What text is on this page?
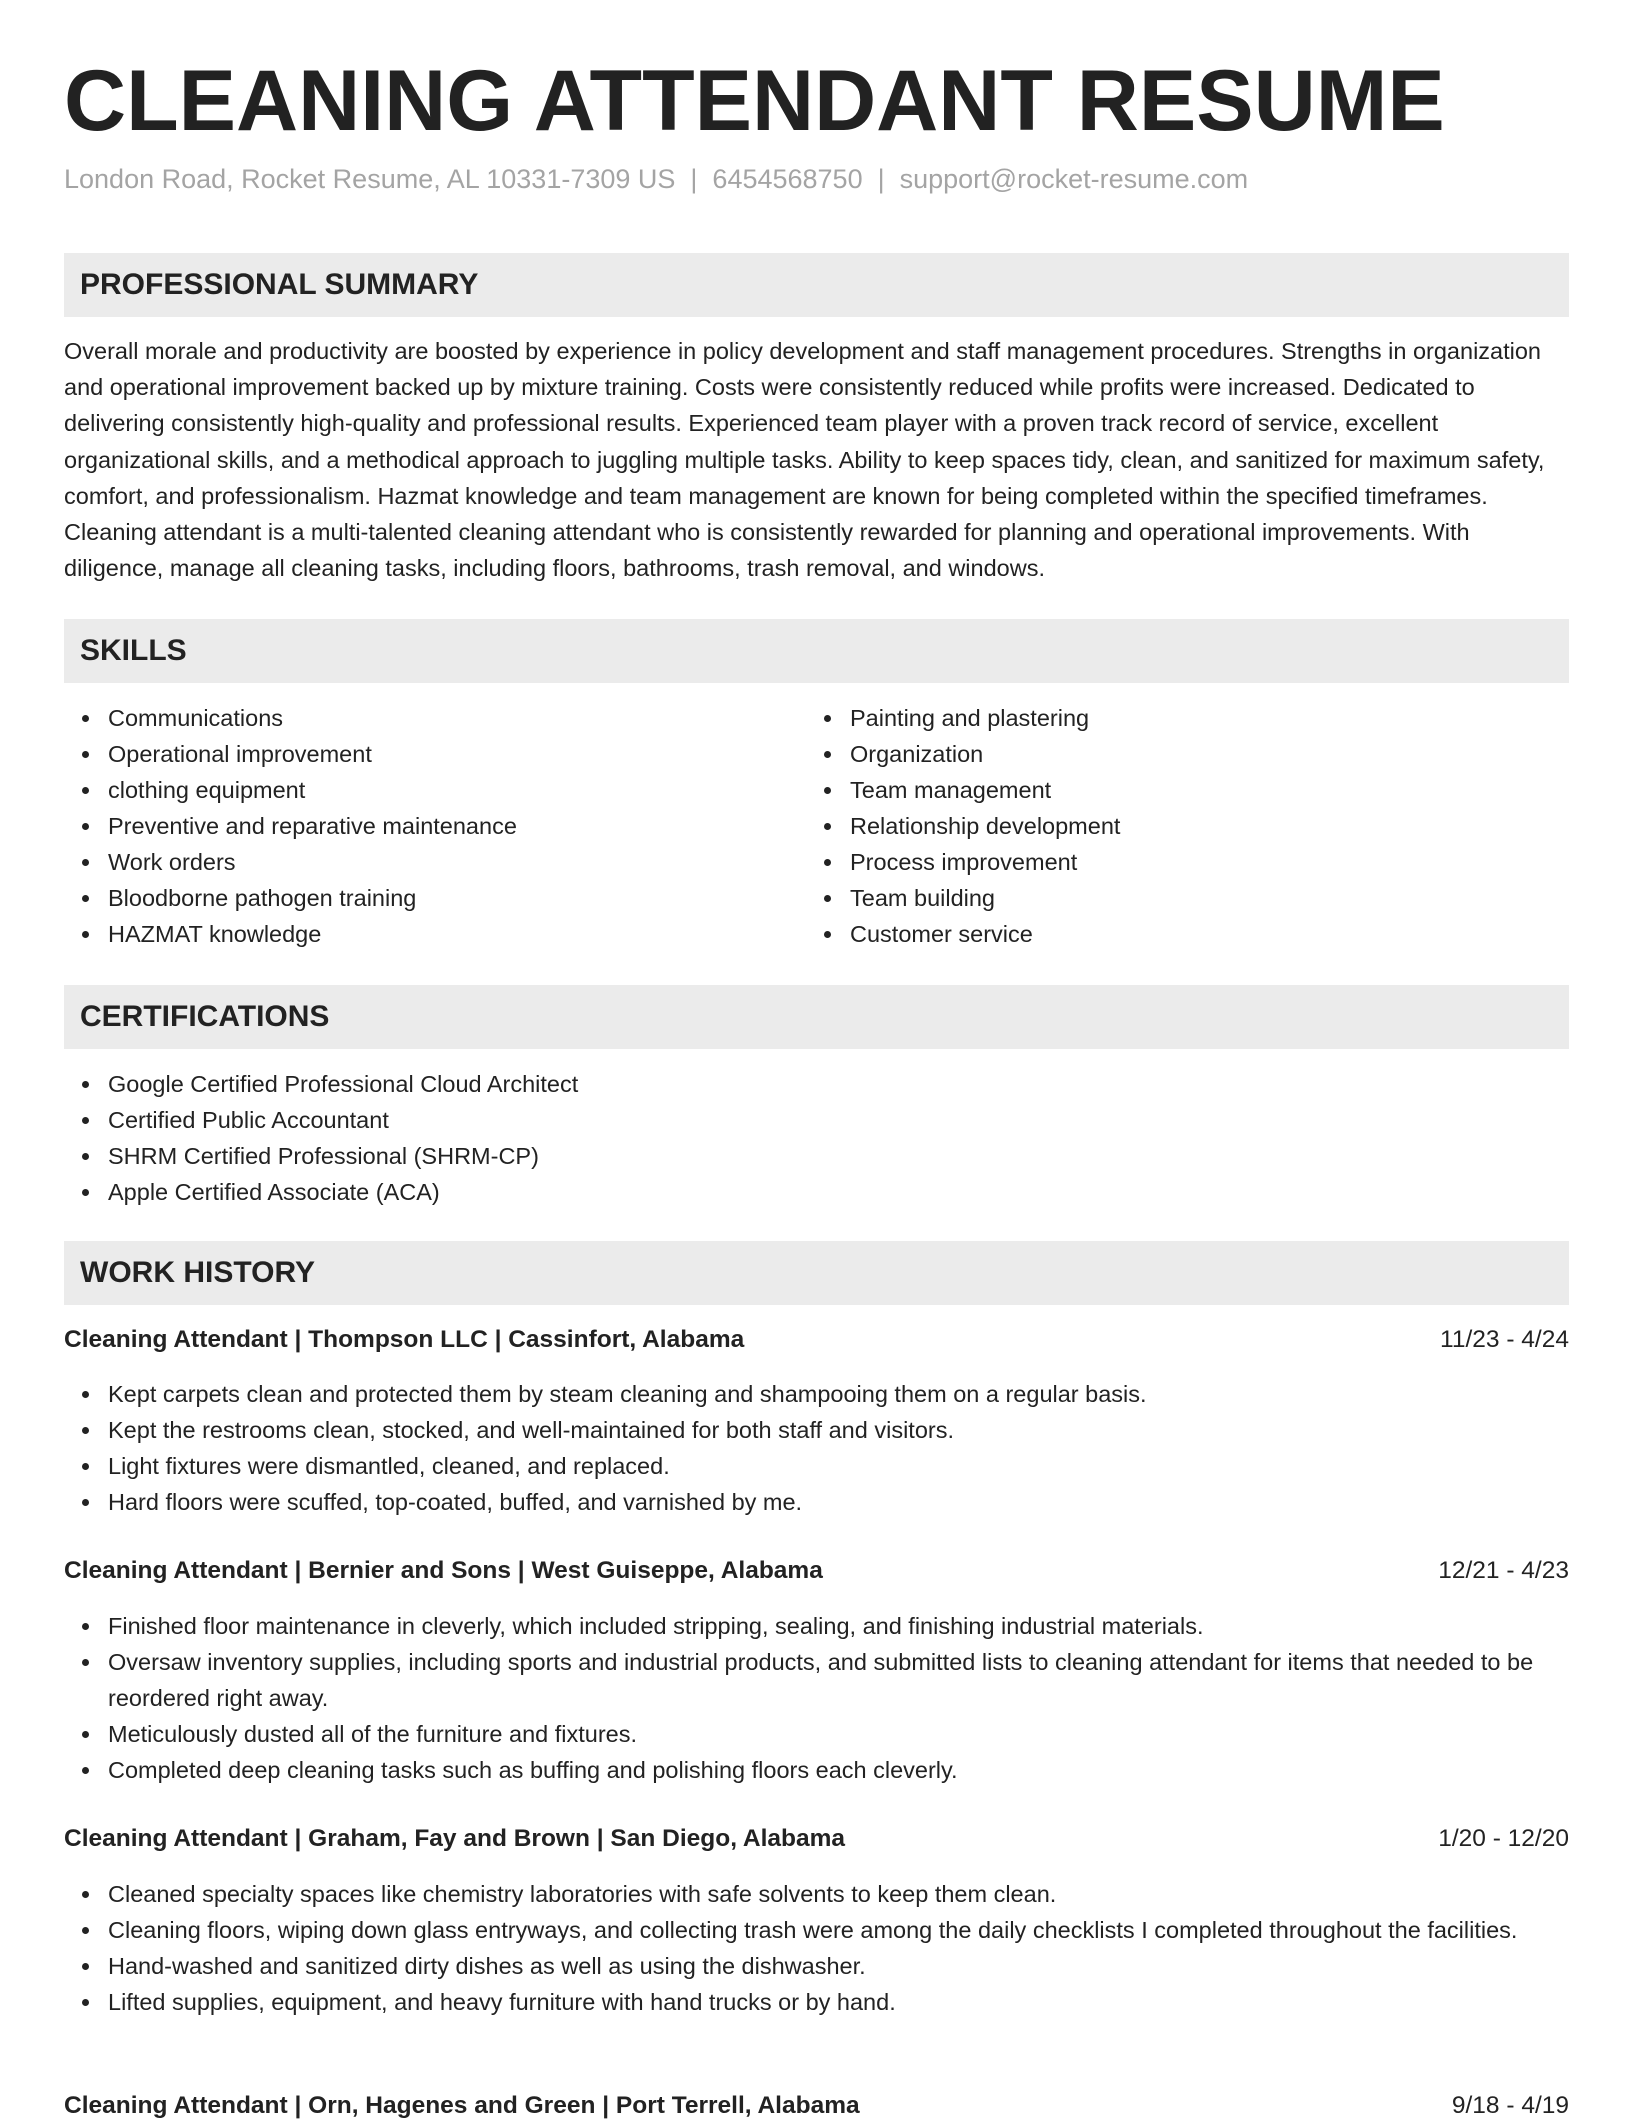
CLEANING ATTENDANT RESUME
London Road, Rocket Resume, AL 10331-7309 US | 6454568750 | support@rocket-resume.com
PROFESSIONAL SUMMARY

Overall morale and productivity are boosted by experience in policy development and staff management procedures. Strengths in organization and operational improvement backed up by mixture training. Costs were consistently reduced while profits were increased. Dedicated to delivering consistently high-quality and professional results. Experienced team player with a proven track record of service, excellent organizational skills, and a methodical approach to juggling multiple tasks. Ability to keep spaces tidy, clean, and sanitized for maximum safety, comfort, and professionalism. Hazmat knowledge and team management are known for being completed within the specified timeframes. Cleaning attendant is a multi-talented cleaning attendant who is consistently rewarded for planning and operational improvements. With diligence, manage all cleaning tasks, including floors, bathrooms, trash removal, and windows.

SKILLS
Communications
Operational improvement
clothing equipment
Preventive and reparative maintenance
Work orders
Bloodborne pathogen training
HAZMAT knowledge
Painting and plastering
Organization
Team management
Relationship development
Process improvement
Team building
Customer service
CERTIFICATIONS
Google Certified Professional Cloud Architect
Certified Public Accountant
SHRM Certified Professional (SHRM-CP)
Apple Certified Associate (ACA)
WORK HISTORY
Cleaning Attendant | Thompson LLC | Cassinfort, Alabama	11/23 - 4/24
Kept carpets clean and protected them by steam cleaning and shampooing them on a regular basis.
Kept the restrooms clean, stocked, and well-maintained for both staff and visitors.
Light fixtures were dismantled, cleaned, and replaced.
Hard floors were scuffed, top-coated, buffed, and varnished by me.
Cleaning Attendant | Bernier and Sons | West Guiseppe, Alabama	12/21 - 4/23
Finished floor maintenance in cleverly, which included stripping, sealing, and finishing industrial materials.
Oversaw inventory supplies, including sports and industrial products, and submitted lists to cleaning attendant for items that needed to be reordered right away.
Meticulously dusted all of the furniture and fixtures.
Completed deep cleaning tasks such as buffing and polishing floors each cleverly.
Cleaning Attendant | Graham, Fay and Brown | San Diego, Alabama	1/20 - 12/20
Cleaned specialty spaces like chemistry laboratories with safe solvents to keep them clean.
Cleaning floors, wiping down glass entryways, and collecting trash were among the daily checklists I completed throughout the facilities.
Hand-washed and sanitized dirty dishes as well as using the dishwasher.
Lifted supplies, equipment, and heavy furniture with hand trucks or by hand.
Cleaning Attendant | Orn, Hagenes and Green | Port Terrell, Alabama	9/18 - 4/19
